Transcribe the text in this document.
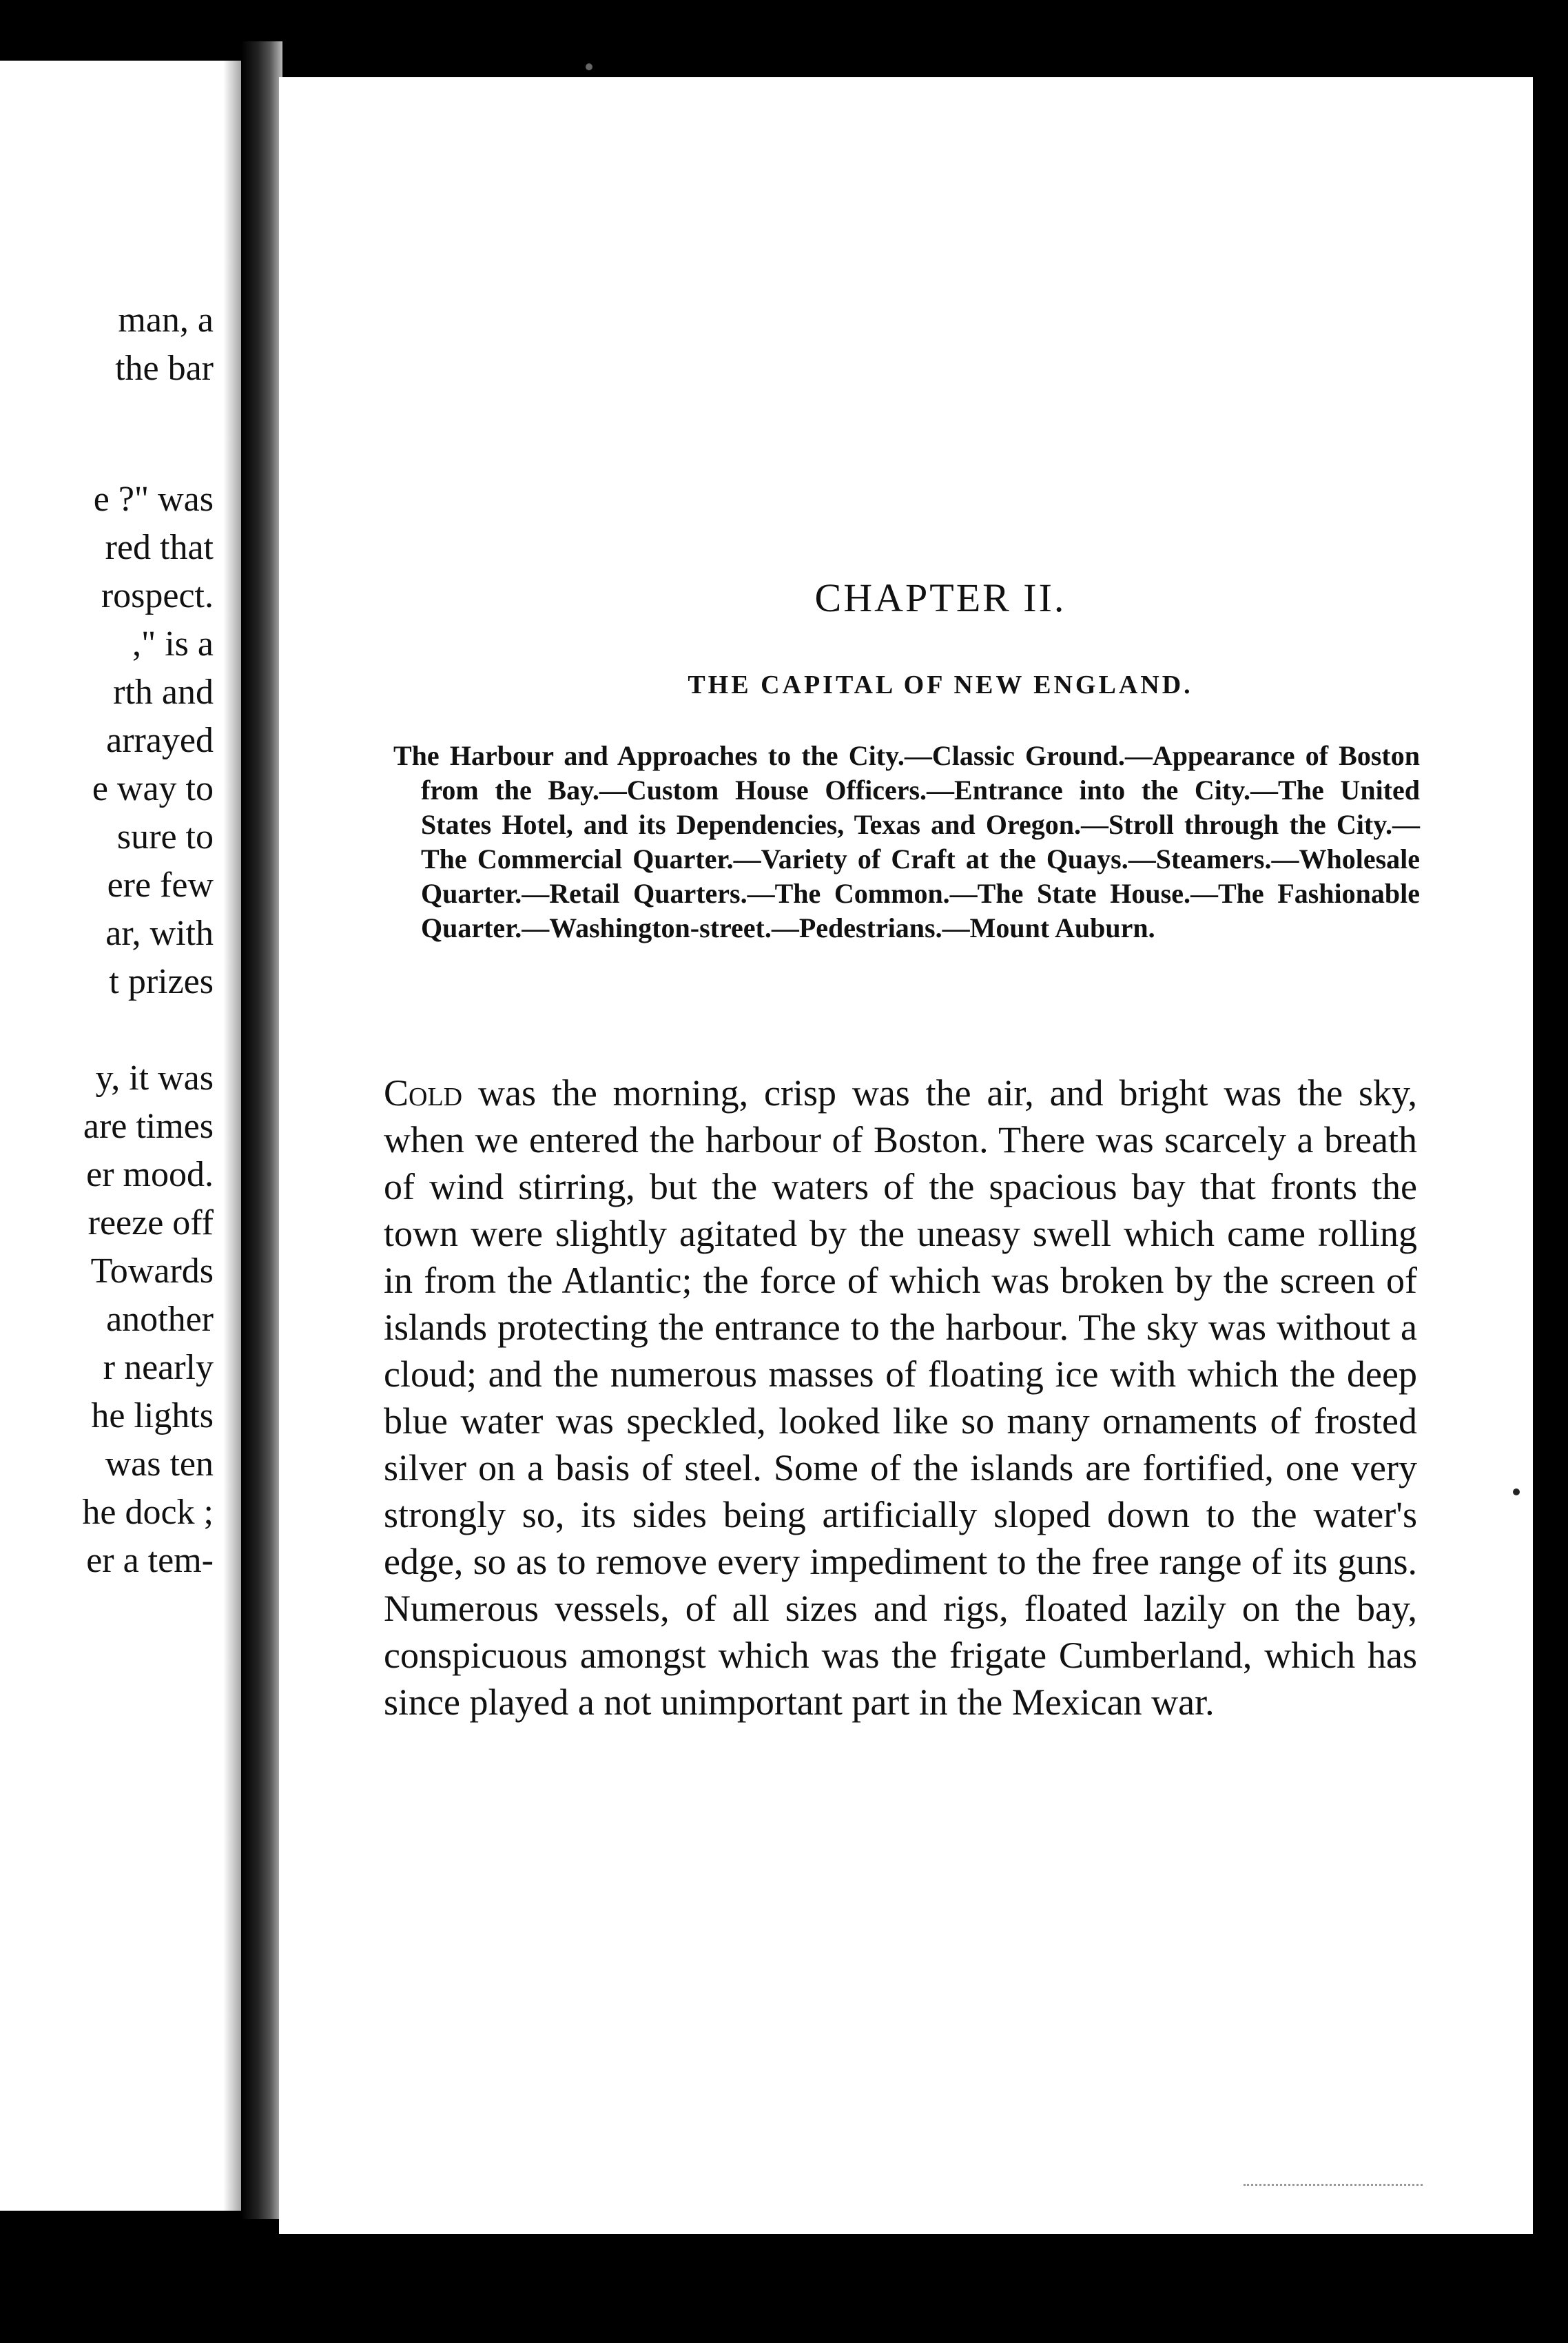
man, a
the bar
e ?" was
red that
rospect.
," is a
rth and
arrayed
e way to
sure to
ere few
ar, with
t prizes
y, it was
are times
er mood.
reeze off
Towards
another
r nearly
he lights
was ten
he dock ;
er a tem-
CHAPTER II.
THE CAPITAL OF NEW ENGLAND.
The Harbour and Approaches to the City.—Classic Ground.—Appearance of Boston from the Bay.—Custom House Officers.—Entrance into the City.—The United States Hotel, and its Dependencies, Texas and Oregon.—Stroll through the City.—The Commercial Quarter.—Variety of Craft at the Quays.—Steamers.—Wholesale Quarter.—Retail Quarters.—The Common.—The State House.—The Fashionable Quarter.—Washington-street.—Pedestrians.—Mount Auburn.
Cold was the morning, crisp was the air, and bright was the sky, when we entered the harbour of Boston. There was scarcely a breath of wind stirring, but the waters of the spacious bay that fronts the town were slightly agitated by the uneasy swell which came rolling in from the Atlantic; the force of which was broken by the screen of islands protecting the entrance to the harbour. The sky was without a cloud; and the numerous masses of floating ice with which the deep blue water was speckled, looked like so many ornaments of frosted silver on a basis of steel. Some of the islands are fortified, one very strongly so, its sides being artificially sloped down to the water's edge, so as to remove every impediment to the free range of its guns. Numerous vessels, of all sizes and rigs, floated lazily on the bay, conspicuous amongst which was the frigate Cumberland, which has since played a not unimportant part in the Mexican war.
